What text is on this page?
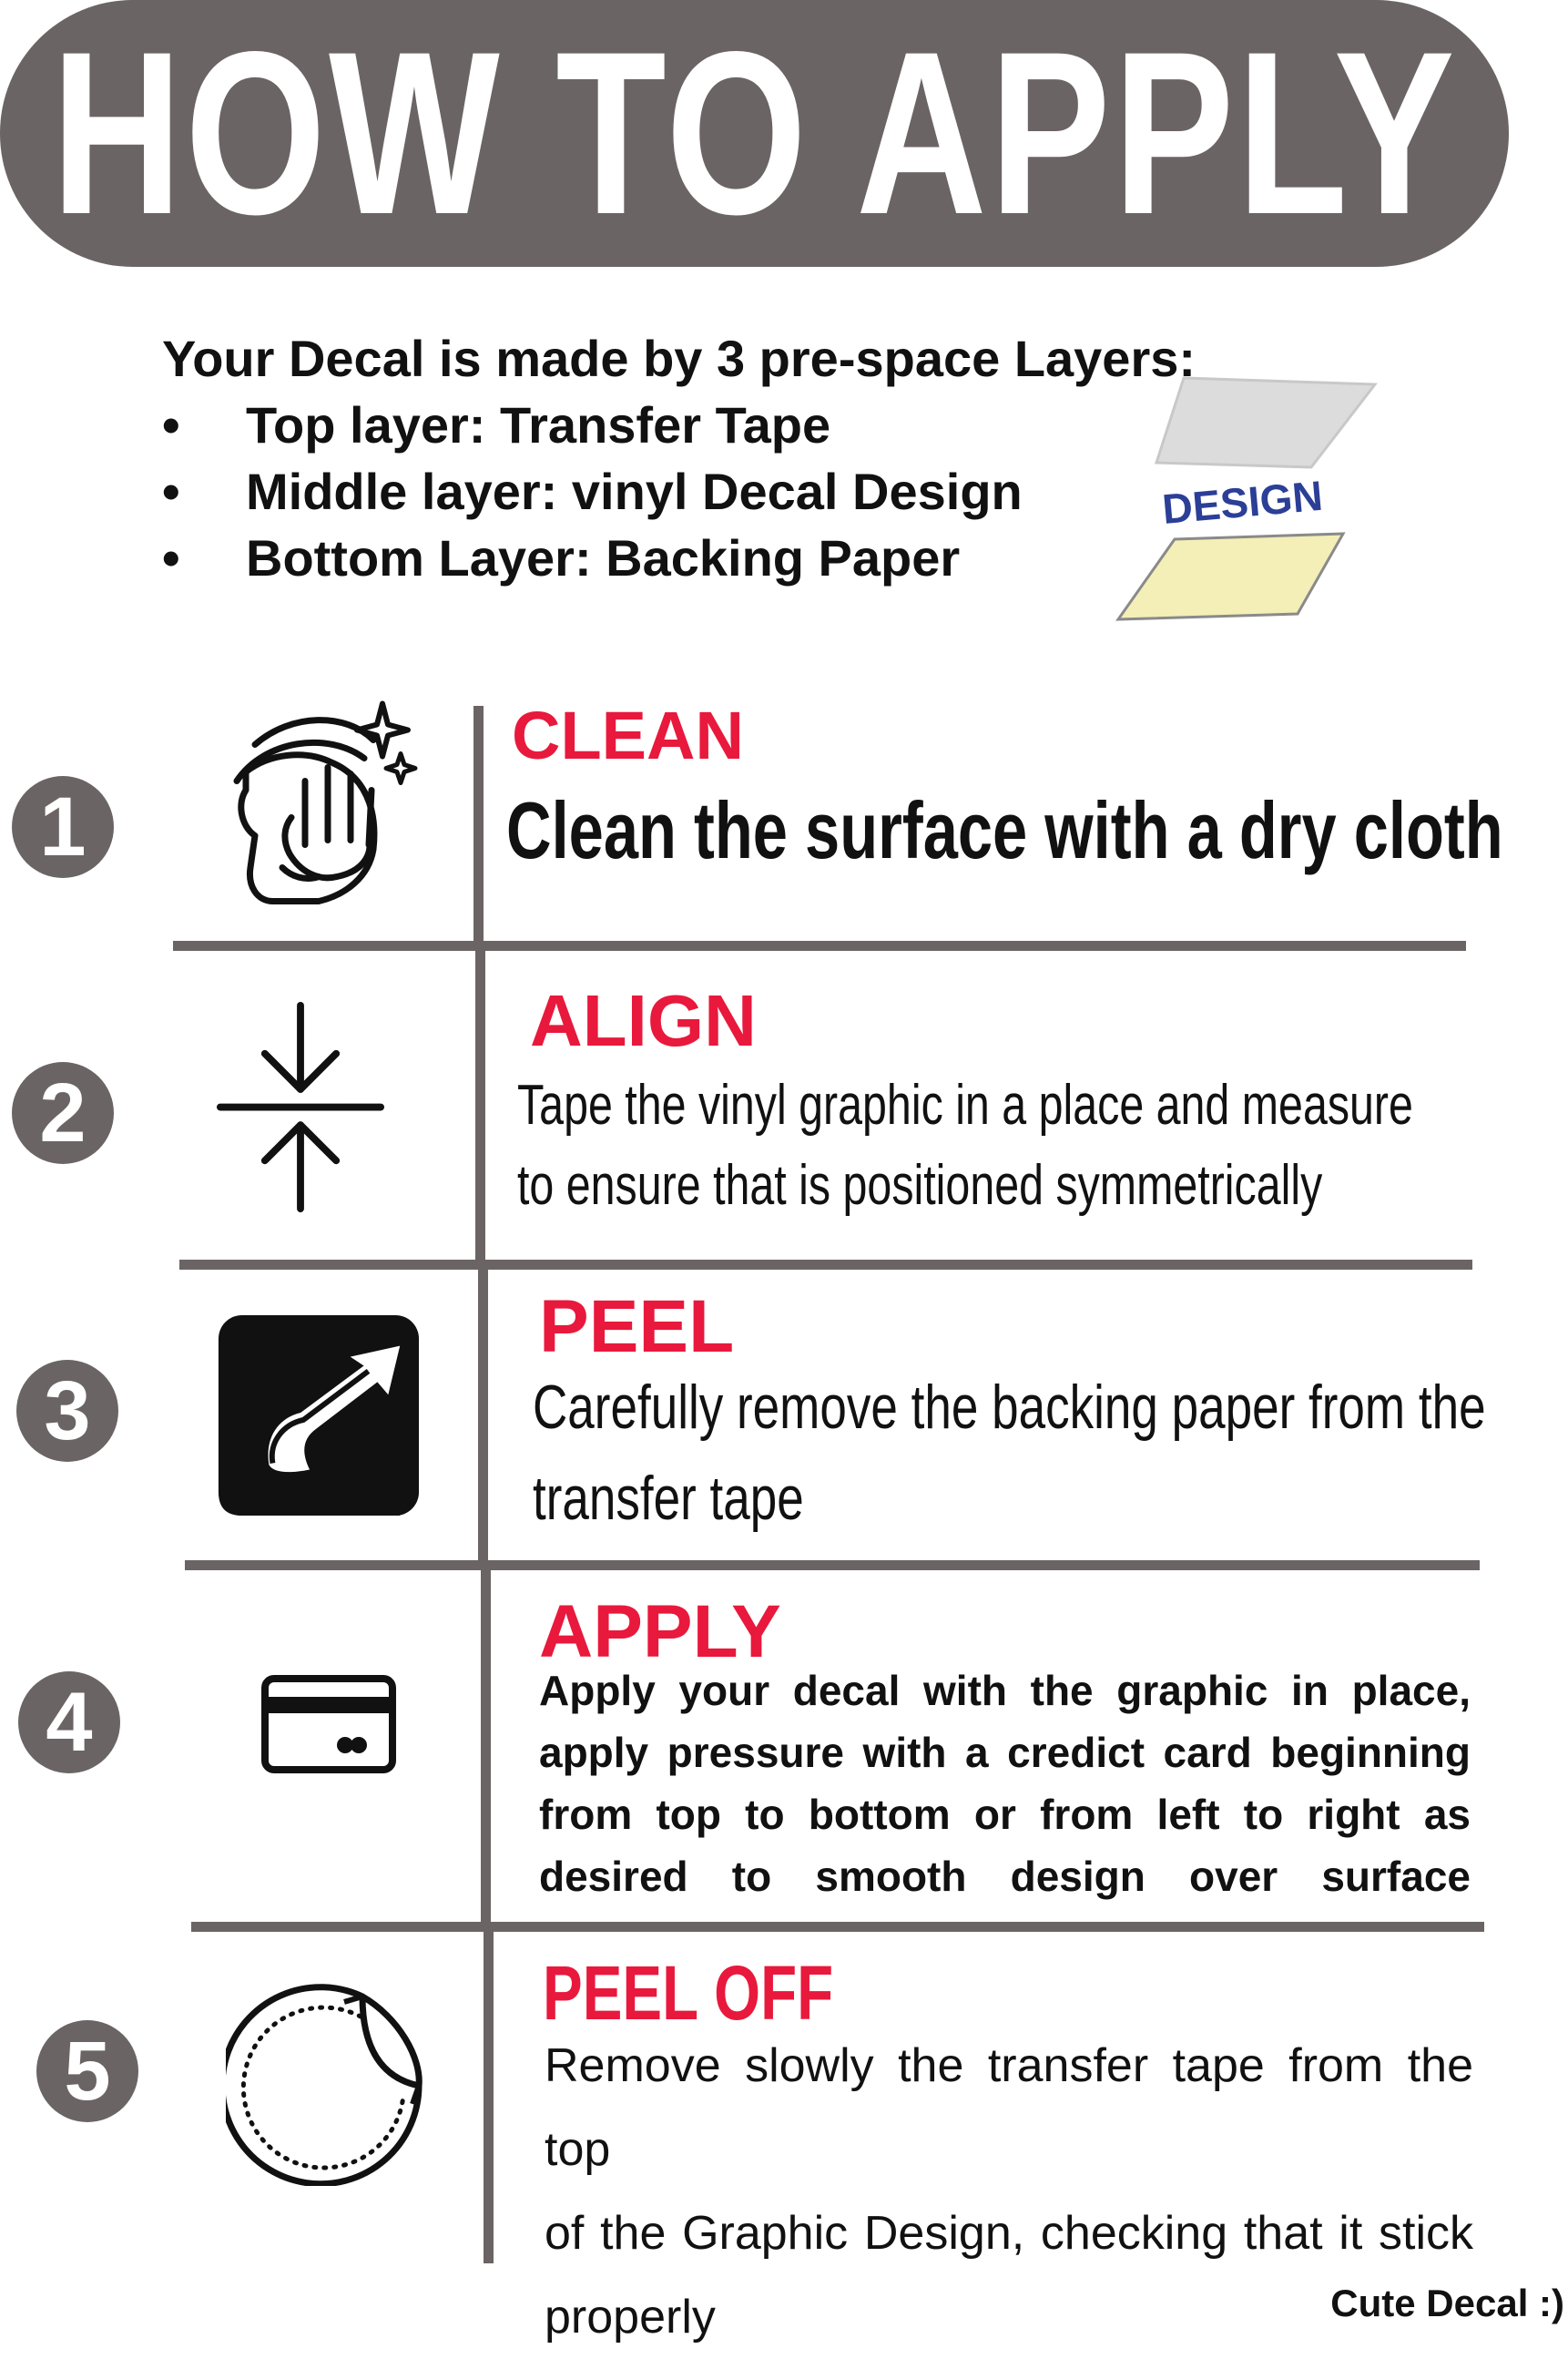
HOW TO APPLY
Your Decal is made by 3 pre-space Layers:
• Top layer: Transfer Tape
• Middle layer: vinyl Decal Design
• Bottom Layer: Backing Paper
DESIGN
1
CLEAN
Clean the surface with a dry cloth
2
ALIGN
Tape the vinyl graphic in a place and measure
to ensure that is positioned symmetrically
3
PEEL
Carefully remove the backing paper from the
transfer tape
4
APPLY
Apply your decal with the graphic in place,
apply pressure with a credict card beginning
from top to bottom or from left to right as
desired to smooth design over surface
5
PEEL OFF
Remove slowly the transfer tape from the top
of the Graphic Design, checking that it stick
properly	Cute Decal :)
